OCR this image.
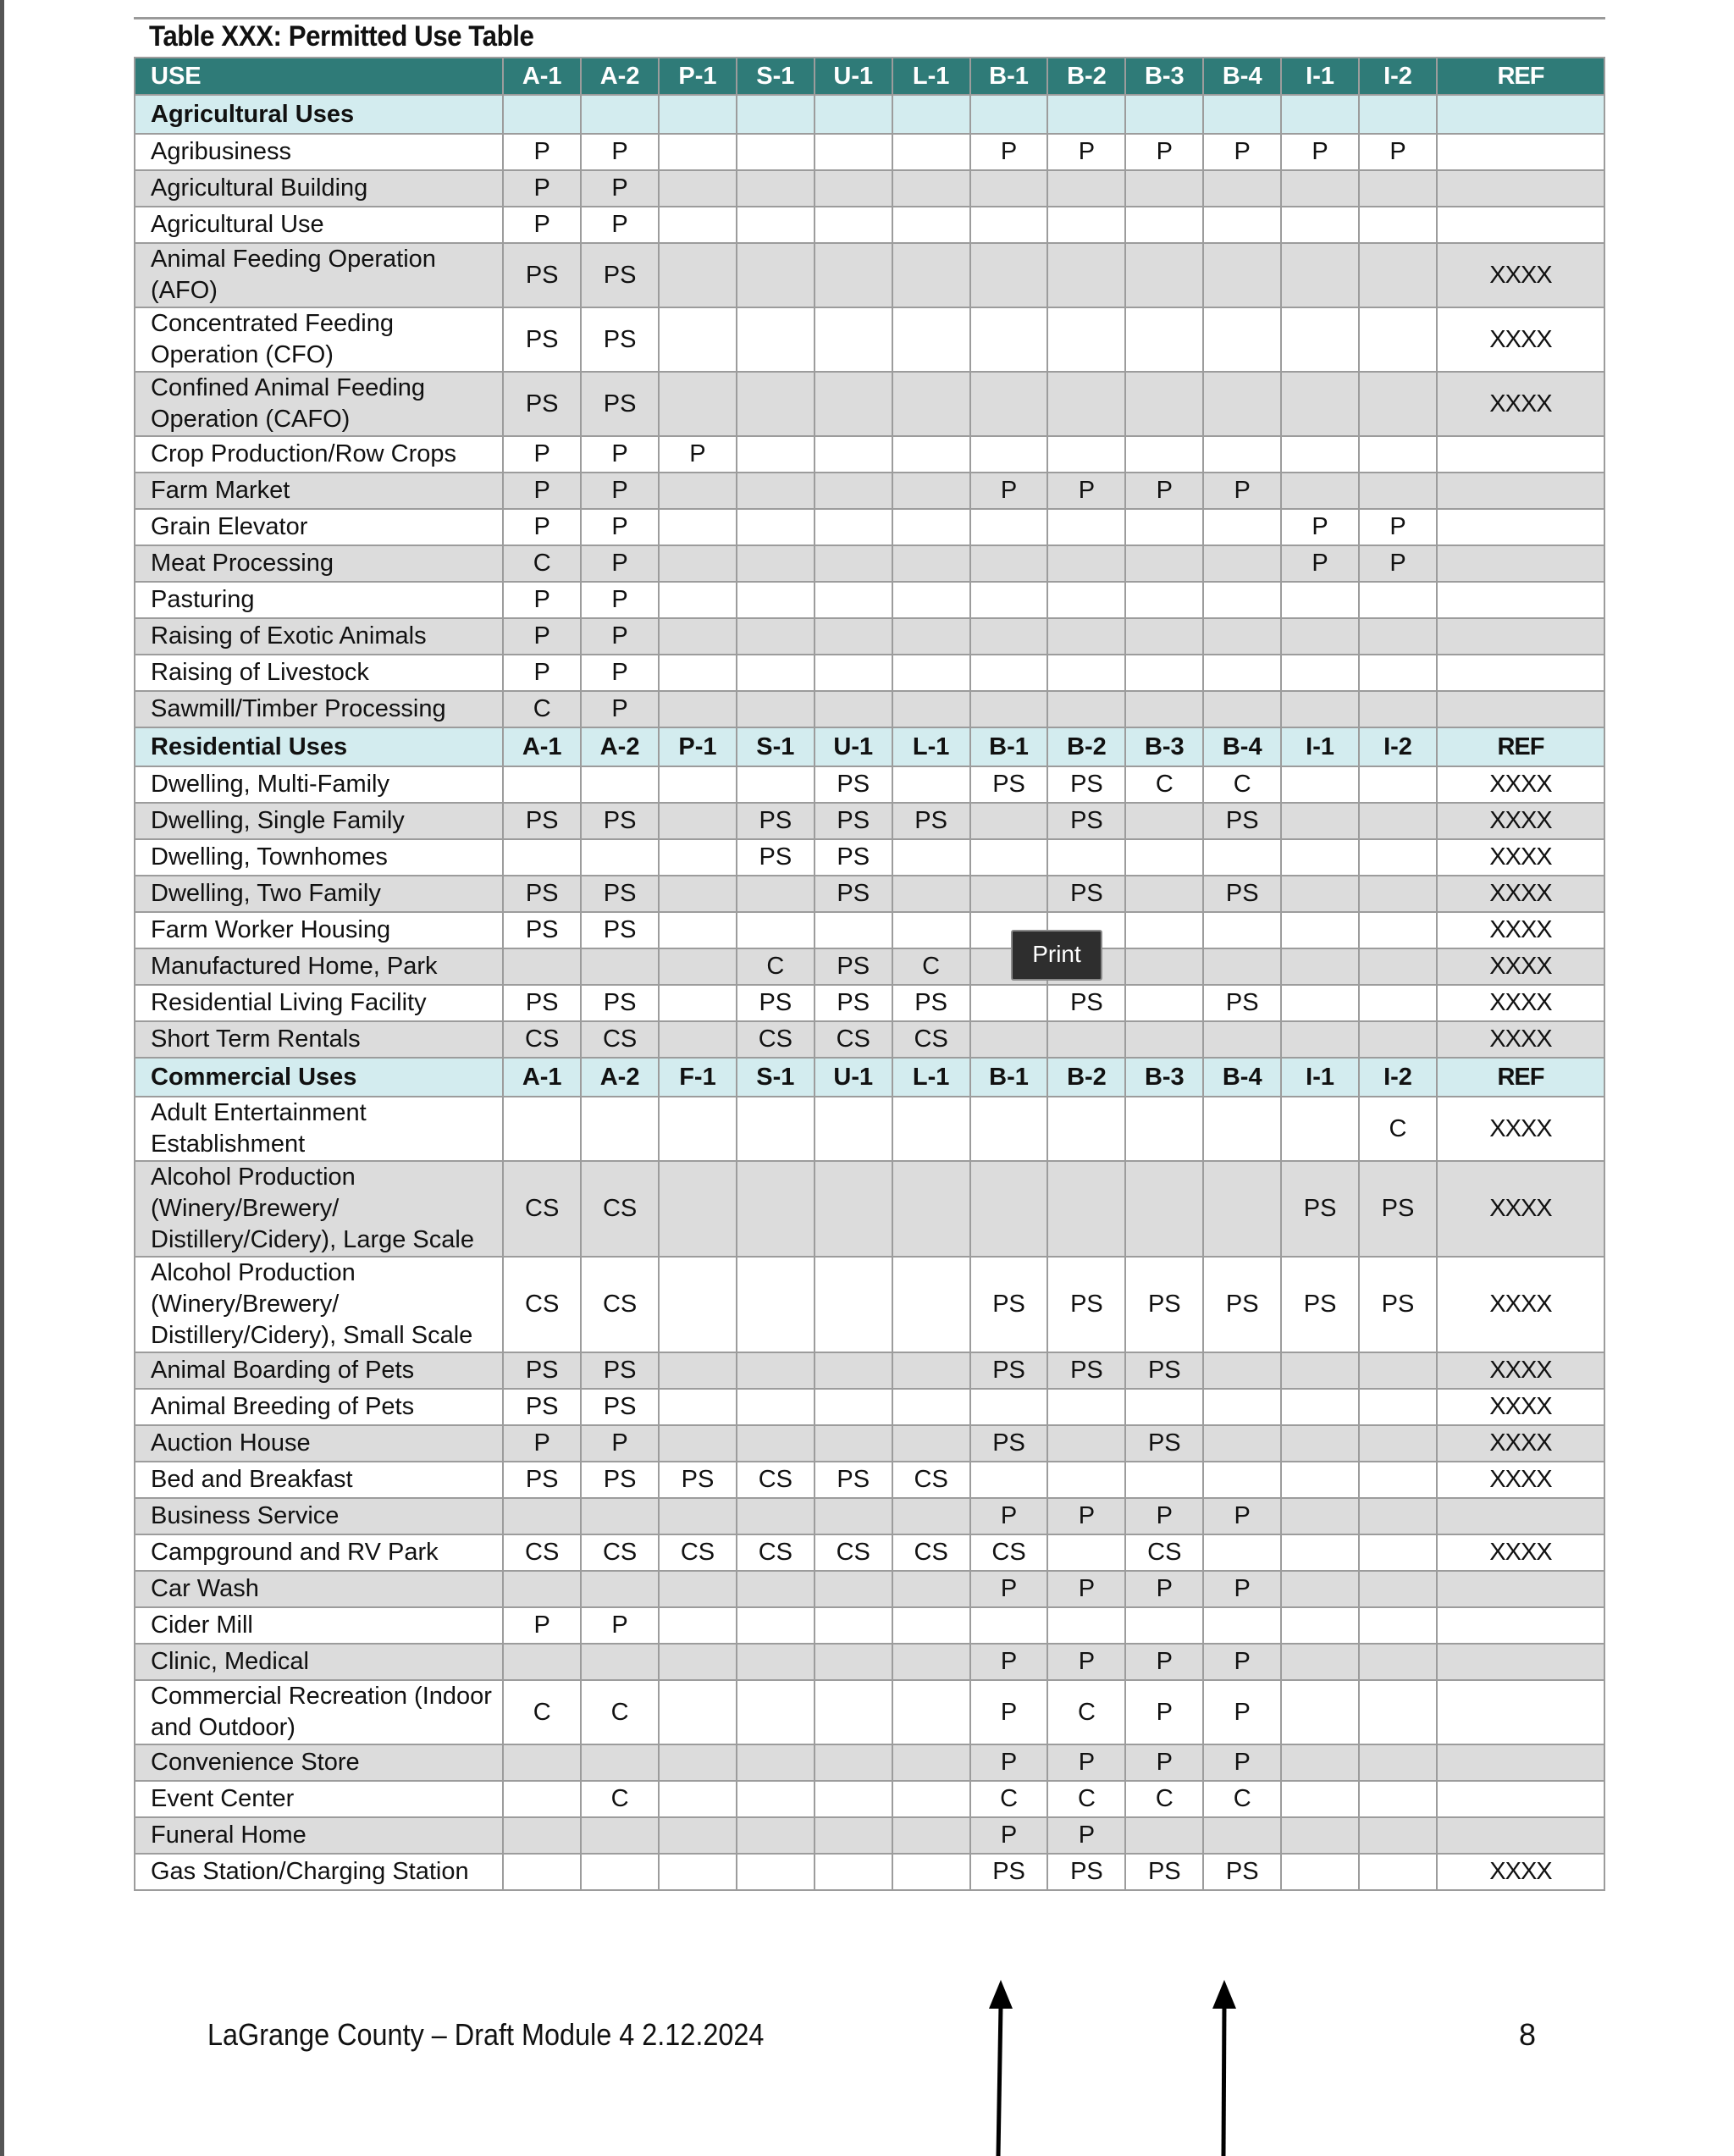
Table XXX: Permitted Use Table
USE	A-1	A-2	P-1	S-1	U-1	L-1	B-1	B-2	B-3	B-4	I-1	I-2	REF
Agricultural Uses													
Agribusiness	P	P					P	P	P	P	P	P	
Agricultural Building	P	P											
Agricultural Use	P	P											
Animal Feeding Operation (AFO)	PS	PS											XXXX
Concentrated Feeding Operation (CFO)	PS	PS											XXXX
Confined Animal Feeding Operation (CAFO)	PS	PS											XXXX
Crop Production/Row Crops	P	P	P										
Farm Market	P	P					P	P	P	P			
Grain Elevator	P	P									P	P	
Meat Processing	C	P									P	P	
Pasturing	P	P											
Raising of Exotic Animals	P	P											
Raising of Livestock	P	P											
Sawmill/Timber Processing	C	P											
Residential Uses	A-1	A-2	P-1	S-1	U-1	L-1	B-1	B-2	B-3	B-4	I-1	I-2	REF
Dwelling, Multi-Family					PS		PS	PS	C	C			XXXX
Dwelling, Single Family	PS	PS		PS	PS	PS		PS		PS			XXXX
Dwelling, Townhomes				PS	PS								XXXX
Dwelling, Two Family	PS	PS			PS			PS		PS			XXXX
Farm Worker Housing	PS	PS											XXXX
Manufactured Home, Park				C	PS	C							XXXX
Residential Living Facility	PS	PS		PS	PS	PS		PS		PS			XXXX
Short Term Rentals	CS	CS		CS	CS	CS							XXXX
Commercial Uses	A-1	A-2	F-1	S-1	U-1	L-1	B-1	B-2	B-3	B-4	I-1	I-2	REF
Adult Entertainment Establishment												C	XXXX
Alcohol Production (Winery/Brewery/ Distillery/Cidery), Large Scale	CS	CS									PS	PS	XXXX
Alcohol Production (Winery/Brewery/ Distillery/Cidery), Small Scale	CS	CS					PS	PS	PS	PS	PS	PS	XXXX
Animal Boarding of Pets	PS	PS					PS	PS	PS				XXXX
Animal Breeding of Pets	PS	PS											XXXX
Auction House	P	P					PS		PS				XXXX
Bed and Breakfast	PS	PS	PS	CS	PS	CS							XXXX
Business Service							P	P	P	P			
Campground and RV Park	CS	CS	CS	CS	CS	CS	CS		CS				XXXX
Car Wash							P	P	P	P			
Cider Mill	P	P											
Clinic, Medical							P	P	P	P			
Commercial Recreation (Indoor and Outdoor)	C	C					P	C	P	P			
Convenience Store							P	P	P	P			
Event Center		C					C	C	C	C			
Funeral Home							P	P					
Gas Station/Charging Station							PS	PS	PS	PS			XXXX
Print
LaGrange County – Draft Module 4 2.12.2024	8
